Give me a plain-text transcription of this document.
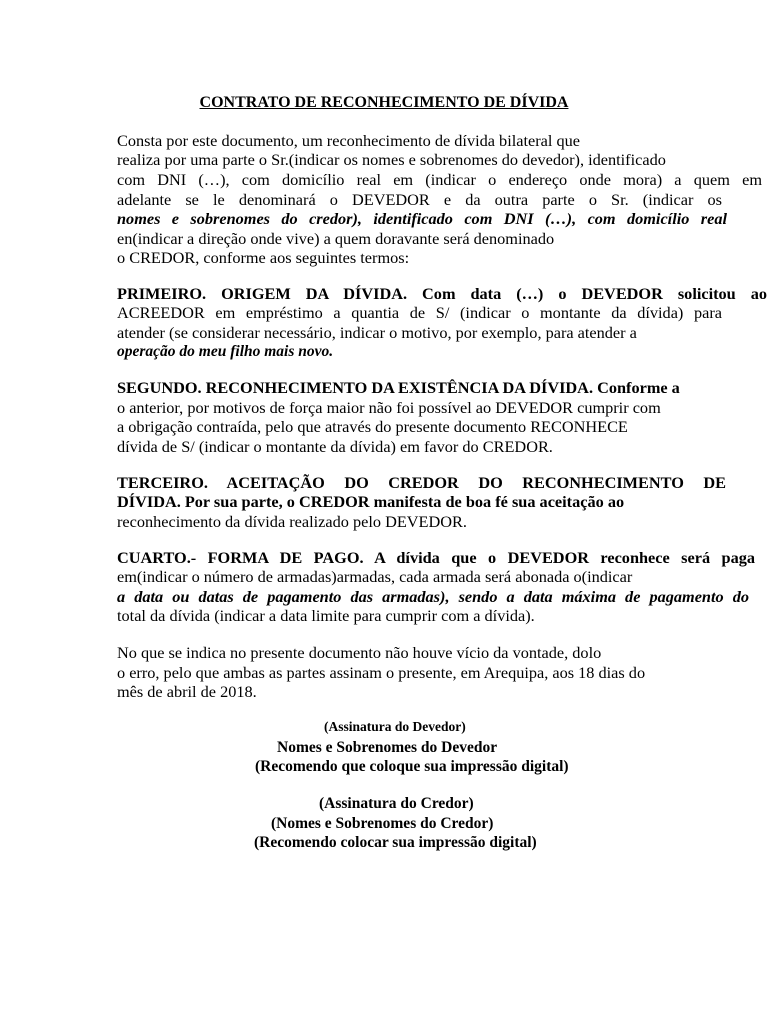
CONTRATO DE RECONHECIMENTO DE DÍVIDA
Consta por este documento, um reconhecimento de dívida bilateral que
realiza por uma parte o Sr.(indicar os nomes e sobrenomes do devedor), identificado
com DNI (…), com domicílio real em (indicar o endereço onde mora) a quem em
adelante se le denominará o DEVEDOR e da outra parte o Sr. (indicar os
nomes e sobrenomes do credor), identificado com DNI (…), com domicílio real
en(indicar a direção onde vive) a quem doravante será denominado
o CREDOR, conforme aos seguintes termos:
PRIMEIRO. ORIGEM DA DÍVIDA. Com data (…) o DEVEDOR solicitou ao
ACREEDOR em empréstimo a quantia de S/ (indicar o montante da dívida) para
atender (se considerar necessário, indicar o motivo, por exemplo, para atender a
operação do meu filho mais novo.
SEGUNDO. RECONHECIMENTO DA EXISTÊNCIA DA DÍVIDA. Conforme a
o anterior, por motivos de força maior não foi possível ao DEVEDOR cumprir com
a obrigação contraída, pelo que através do presente documento RECONHECE
dívida de S/ (indicar o montante da dívida) em favor do CREDOR.
TERCEIRO. ACEITAÇÃO DO CREDOR DO RECONHECIMENTO DE
DÍVIDA. Por sua parte, o CREDOR manifesta de boa fé sua aceitação ao
reconhecimento da dívida realizado pelo DEVEDOR.
CUARTO.- FORMA DE PAGO. A dívida que o DEVEDOR reconhece será paga
em(indicar o número de armadas)armadas, cada armada será abonada o(indicar
a data ou datas de pagamento das armadas), sendo a data máxima de pagamento do
total da dívida (indicar a data limite para cumprir com a dívida).
No que se indica no presente documento não houve vício da vontade, dolo
o erro, pelo que ambas as partes assinam o presente, em Arequipa, aos 18 dias do
mês de abril de 2018.
(Assinatura do Devedor)
Nomes e Sobrenomes do Devedor
(Recomendo que coloque sua impressão digital)
(Assinatura do Credor)
(Nomes e Sobrenomes do Credor)
(Recomendo colocar sua impressão digital)
